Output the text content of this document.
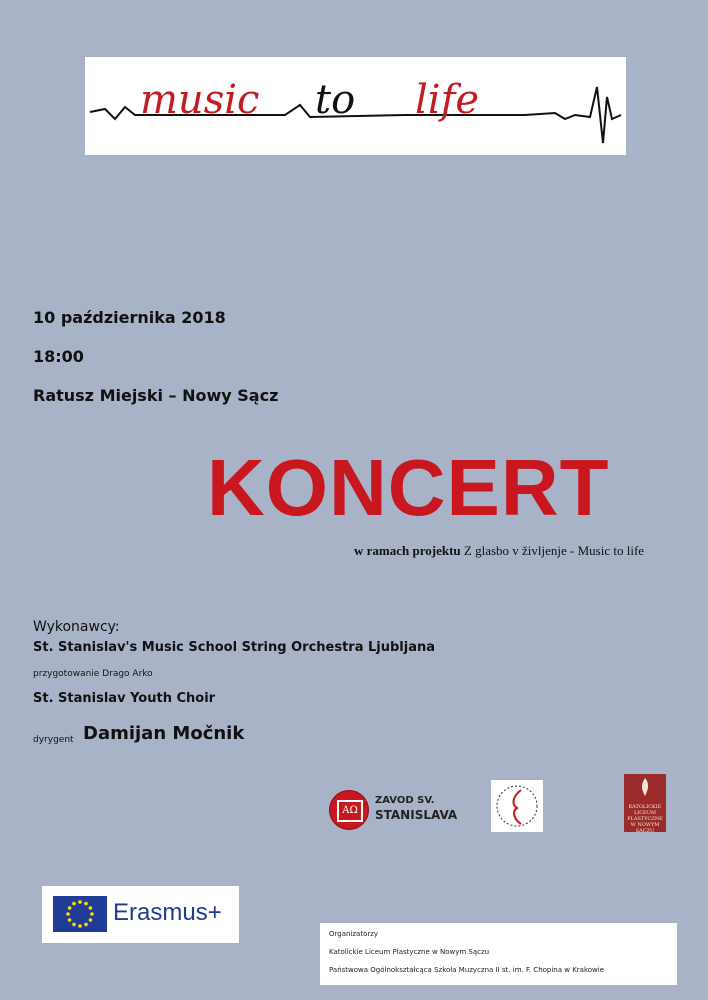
music to life
10 października 2018
18:00
Ratusz Miejski – Nowy Sącz
KONCERT
w ramach projektu Z glasbo v življenje - Music to life
Wykonawcy:
St. Stanislav's Music School String Orchestra Ljubljana
przygotowanie Drago Arko
St. Stanislav Youth Choir
dyrygent Damijan Močnik
ΑΩ
ZAVOD SV.
STANISLAVA
KATOLICKIE LICEUM PLASTYCZNE W NOWYM SĄCZU
Erasmus+
Organizatorzy
Katolickie Liceum Plastyczne w Nowym Sączu
Państwowa Ogólnokształcąca Szkoła Muzyczna II st. im. F. Chopina w Krakowie
